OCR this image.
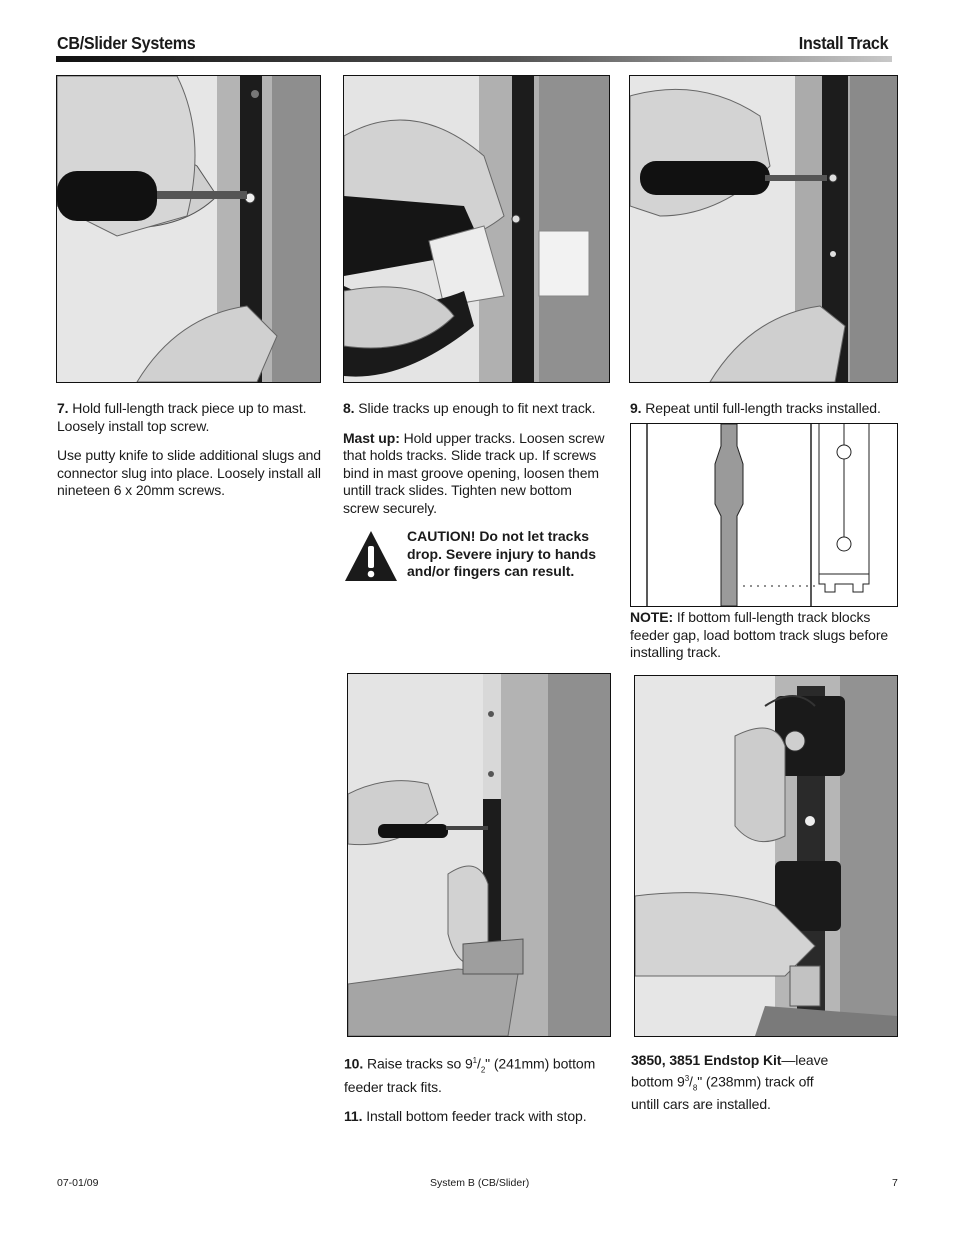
CB/Slider Systems	Install Track

7. Hold full-length track piece up to mast. Loosely install top screw.

Use putty knife to slide additional slugs and connector slug into place. Loosely install all nineteen 6 x 20mm screws.

8. Slide tracks up enough to fit next track.

Mast up: Hold upper tracks. Loosen screw that holds tracks. Slide track up. If screws bind in mast groove opening, loosen them untill track slides. Tighten new bottom screw securely.

CAUTION! Do not let tracks drop. Severe injury to hands and/or fingers can result.

9. Repeat until full-length tracks installed.

NOTE: If bottom full-length track blocks feeder gap, load bottom track slugs before installing track.

10. Raise tracks so $9^1/_2$" (241mm) bottom feeder track fits.

11. Install bottom feeder track with stop.

3850, 3851 Endstop Kit—leave bottom $9^3/_8$" (238mm) track off untill cars are installed.

07-01/09	System B (CB/Slider)	7
